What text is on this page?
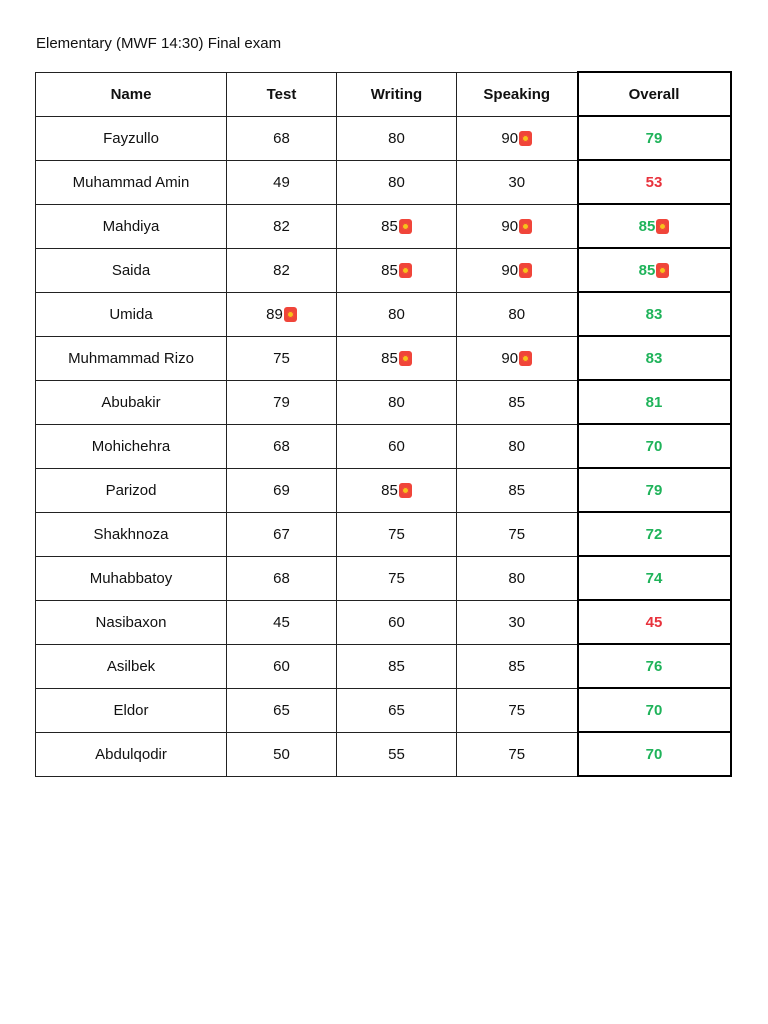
Elementary (MWF 14:30) Final exam
Name	Test	Writing	Speaking	Overall
Fayzullo	68	80	90	79

Muhammad Amin	49	80	30	53

Mahdiya	82	85	90	85

Saida	82	85	90	85

Umida	89	80	80	83

Muhmammad Rizo	75	85	90	83

Abubakir	79	80	85	81

Mohichehra	68	60	80	70

Parizod	69	85	85	79

Shakhnoza	67	75	75	72

Muhabbatoy	68	75	80	74

Nasibaxon	45	60	30	45

Asilbek	60	85	85	76

Eldor	65	65	75	70

Abdulqodir	50	55	75	70
